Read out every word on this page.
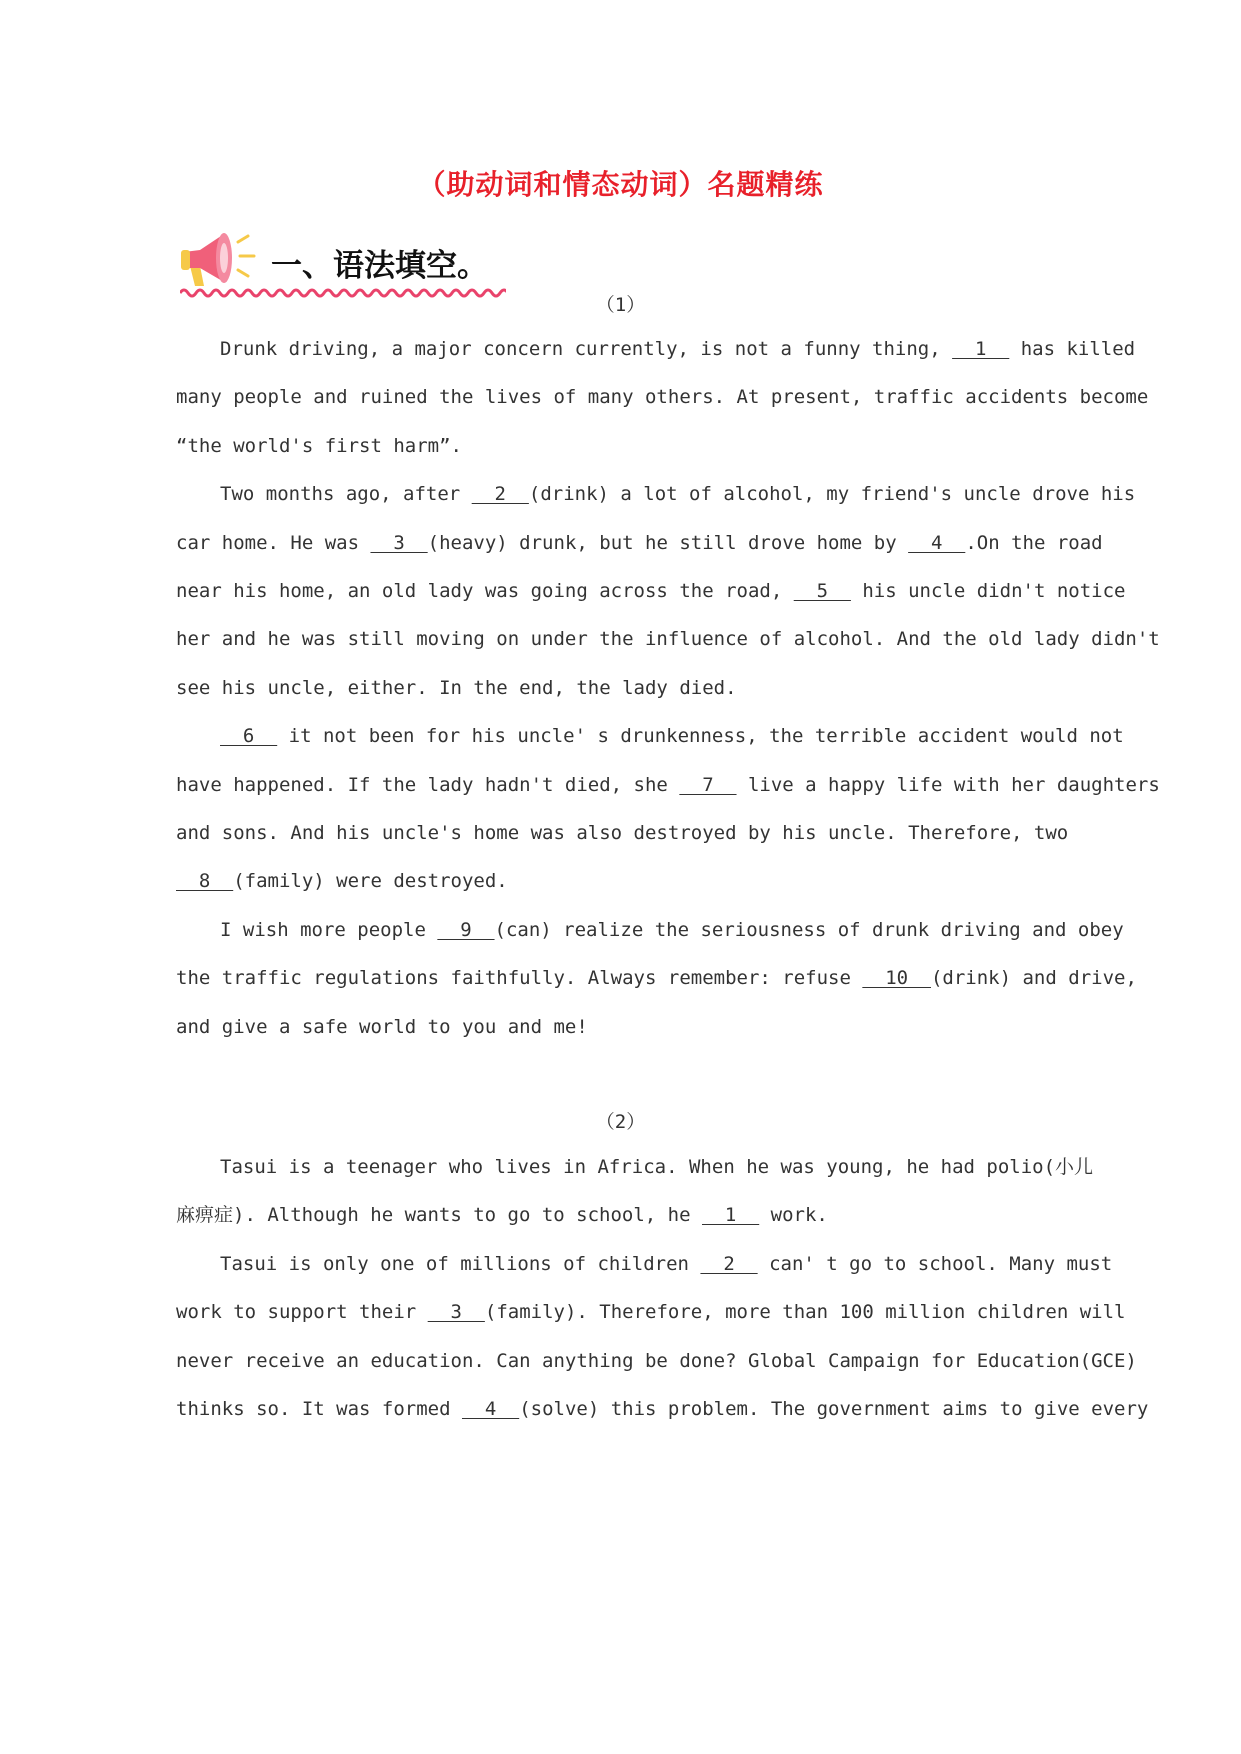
（助动词和情态动词）名题精练
一、语法填空。
（1）
Drunk driving, a major concern currently, is not a funny thing,   1   has killed
many people and ruined the lives of many others. At present, traffic accidents become
“the world's first harm”.
Two months ago, after   2  (drink) a lot of alcohol, my friend's uncle drove his
car home. He was   3  (heavy) drunk, but he still drove home by   4  .On the road
near his home, an old lady was going across the road,   5   his uncle didn't notice
her and he was still moving on under the influence of alcohol. And the old lady didn't
see his uncle, either. In the end, the lady died.
6   it not been for his uncle' s drunkenness, the terrible accident would not
have happened. If the lady hadn't died, she   7   live a happy life with her daughters
and sons. And his uncle's home was also destroyed by his uncle. Therefore, two
8  (family) were destroyed.
I wish more people   9  (can) realize the seriousness of drunk driving and obey
the traffic regulations faithfully. Always remember: refuse   10  (drink) and drive,
and give a safe world to you and me!
（2）
Tasui is a teenager who lives in Africa. When he was young, he had polio(小儿
麻痹症). Although he wants to go to school, he   1   work.
Tasui is only one of millions of children   2   can' t go to school. Many must
work to support their   3  (family). Therefore, more than 100 million children will
never receive an education. Can anything be done? Global Campaign for Education(GCE)
thinks so. It was formed   4  (solve) this problem. The government aims to give every
